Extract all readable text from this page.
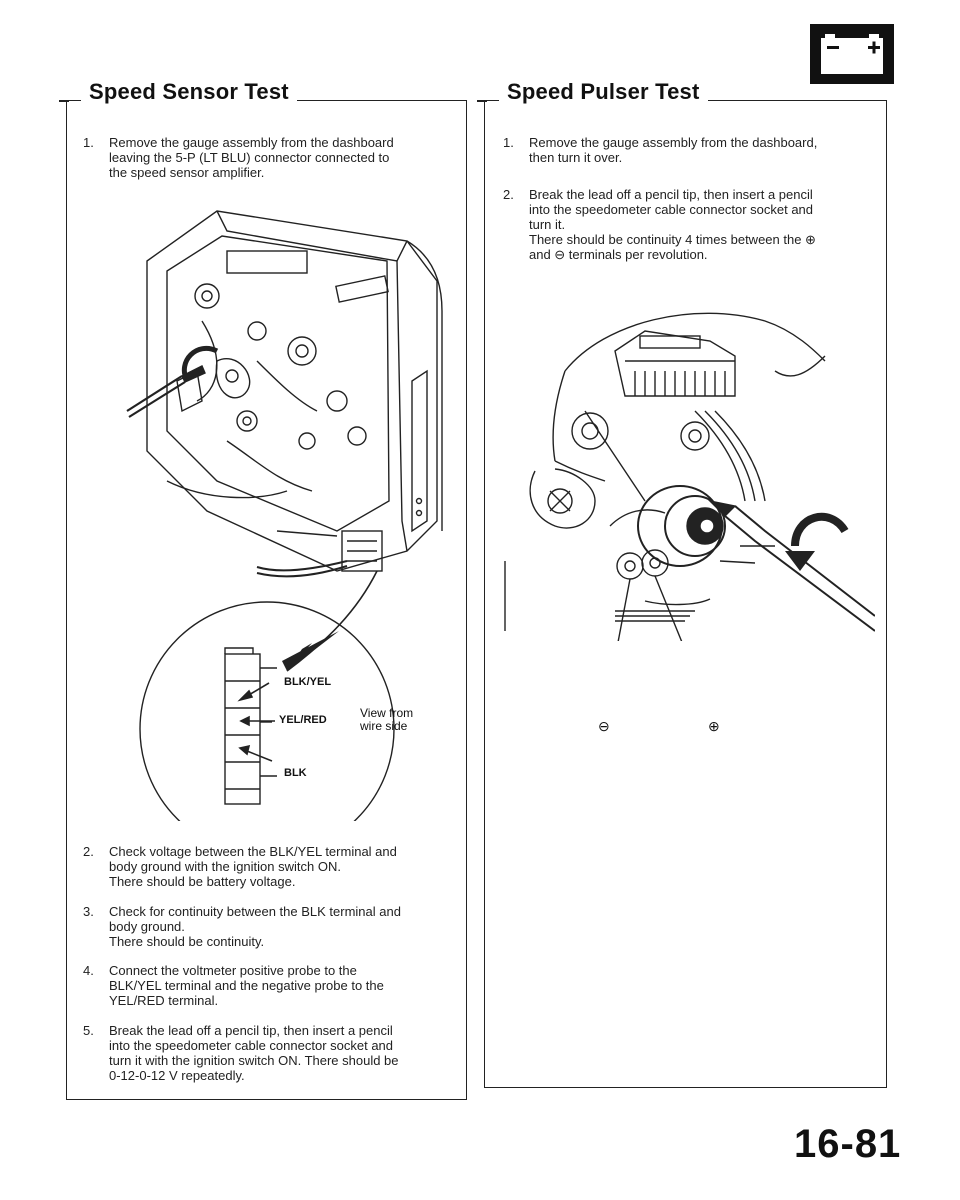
Speed Sensor Test
1. Remove the gauge assembly from the dashboard
leaving the 5-P (LT BLU) connector connected to
the speed sensor amplifier.
BLK/YEL
YEL/RED
BLK
View from
wire side
2. Check voltage between the BLK/YEL terminal and
body ground with the ignition switch ON.
There should be battery voltage.
3. Check for continuity between the BLK terminal and
body ground.
There should be continuity.
4. Connect the voltmeter positive probe to the
BLK/YEL terminal and the negative probe to the
YEL/RED terminal.
5. Break the lead off a pencil tip, then insert a pencil
into the speedometer cable connector socket and
turn it with the ignition switch ON. There should be
0-12-0-12 V repeatedly.
Speed Pulser Test
1. Remove the gauge assembly from the dashboard,
then turn it over.
2. Break the lead off a pencil tip, then insert a pencil
into the speedometer cable connector socket and
turn it.
There should be continuity 4 times between the ⊕
and ⊖ terminals per revolution.
⊖	⊕
16-81
